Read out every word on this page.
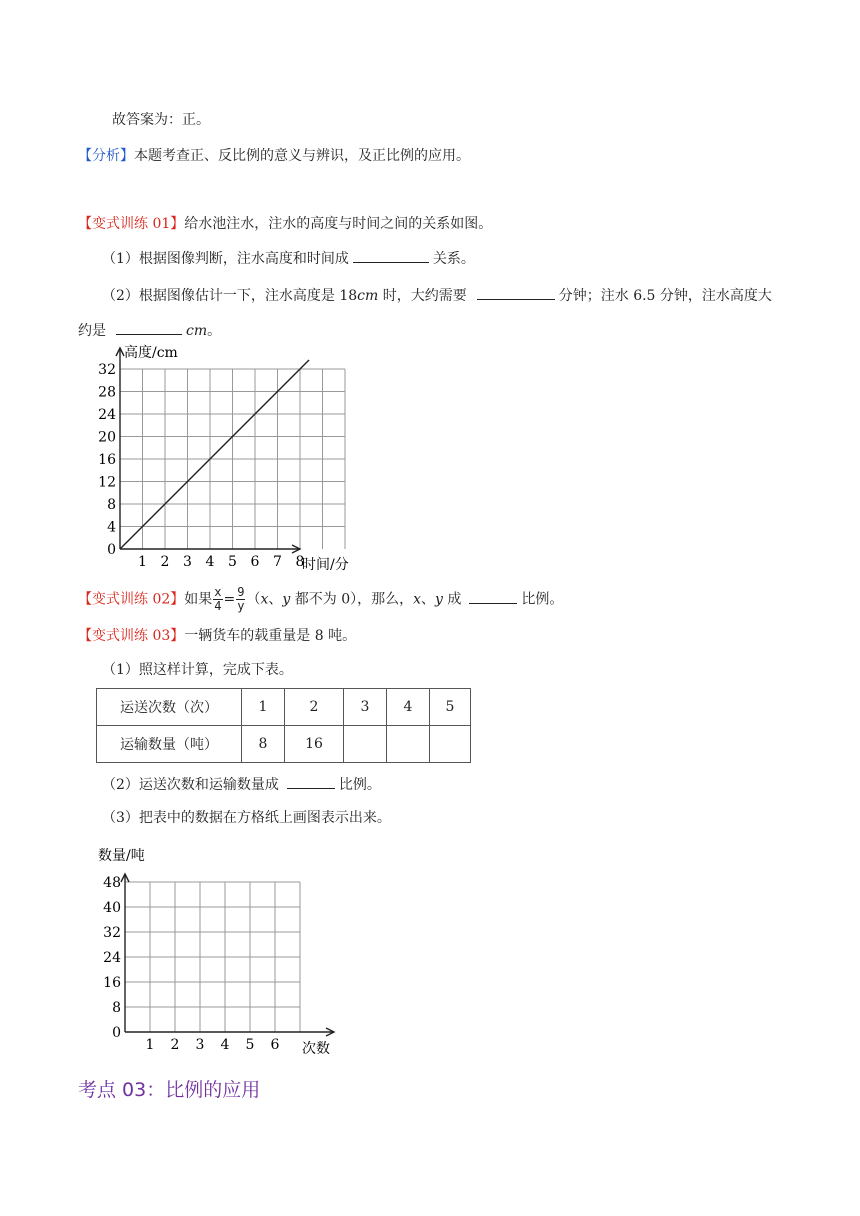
故答案为：正。
【分析】本题考查正、反比例的意义与辨识，及正比例的应用。
【变式训练 01】给水池注水，注水的高度与时间之间的关系如图。
（1）根据图像判断，注水高度和时间成	关系。
（2）根据图像估计一下，注水高度是 18cm 时，大约需要	分钟；注水 6.5 分钟，注水高度大
约是	cm。
高度/cm
时间/分
1 2 3 4 5 6 7 8
0
4
8
12
16
20
24
28
32
数量/吨
次数
1 2 3 4 5 6
0
8
16
24
32
40
48
【变式训练 02】如果 $\frac{x}{4} = \frac{9}{y} (x$、y 都不为 0），那么，x、y 成	比例。
【变式训练 03】一辆货车的载重量是 8 吨。
（1）照这样计算，完成下表。
运送次数（次）	1	2	3	4	5
运输数量（吨）	8	16			
（2）运送次数和运输数量成	比例。
（3）把表中的数据在方格纸上画图表示出来。
考点 03：比例的应用
